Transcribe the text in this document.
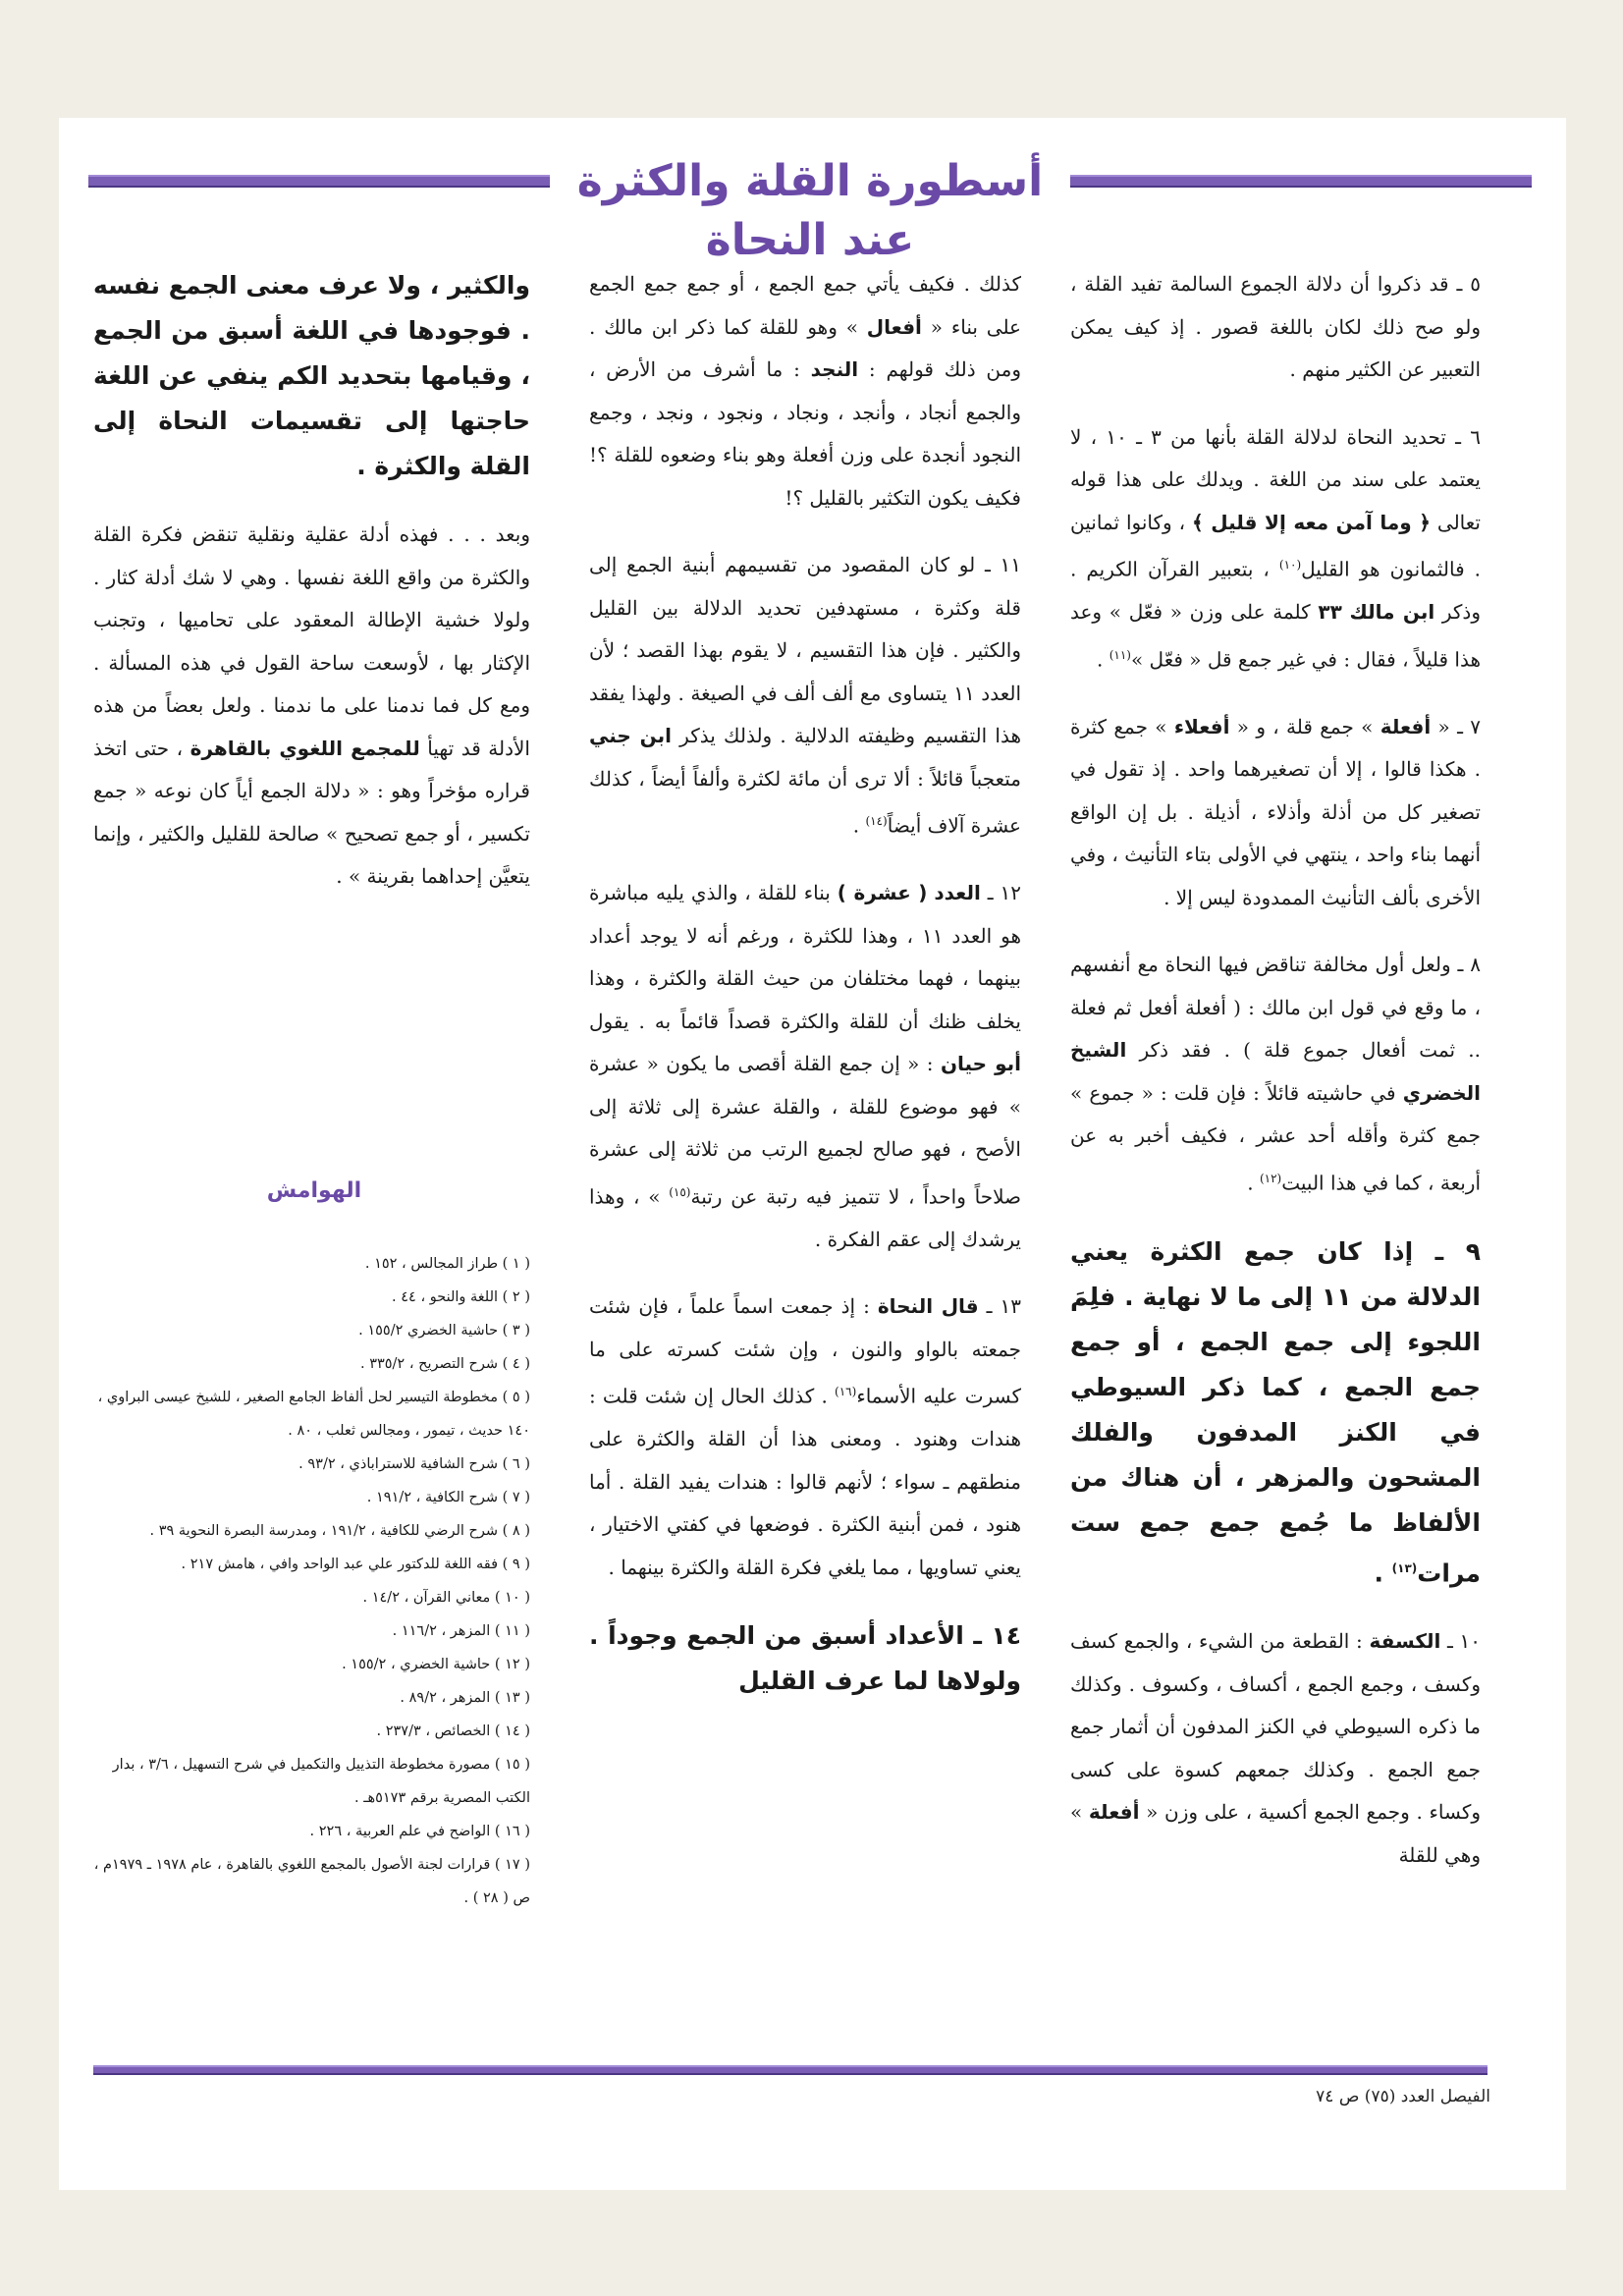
أسطورة القلة والكثرة عند النحاة

٥ ـ قد ذكروا أن دلالة الجموع السالمة تفيد القلة ، ولو صح ذلك لكان باللغة قصور . إذ كيف يمكن التعبير عن الكثير منهم .

٦ ـ تحديد النحاة لدلالة القلة بأنها من ٣ ـ ١٠ ، لا يعتمد على سند من اللغة . ويدلك على هذا قوله تعالى ﴿ وما آمن معه إلا قليل ﴾ ، وكانوا ثمانين . فالثمانون هو القليل$^{(١٠)}$ ، بتعبير القرآن الكريم . وذكر ابن مالك ٣٣ كلمة على وزن « فعّل » وعد هذا قليلاً ، فقال : في غير جمع قل « فعّل »$^{(١١)}$ .

٧ ـ « أفعلة » جمع قلة ، و « أفعلاء » جمع كثرة . هكذا قالوا ، إلا أن تصغيرهما واحد . إذ تقول في تصغير كل من أذلة وأذلاء ، أذيلة . بل إن الواقع أنهما بناء واحد ، ينتهي في الأولى بتاء التأنيث ، وفي الأخرى بألف التأنيث الممدودة ليس إلا .

٨ ـ ولعل أول مخالفة تناقض فيها النحاة مع أنفسهم ، ما وقع في قول ابن مالك : ( أفعلة أفعل ثم فعلة .. ثمت أفعال جموع قلة ) . فقد ذكر الشيخ الخضري في حاشيته قائلاً : فإن قلت : « جموع » جمع كثرة وأقله أحد عشر ، فكيف أخبر به عن أربعة ، كما في هذا البيت$^{(١٢)}$ .

٩ ـ إذا كان جمع الكثرة يعني الدلالة من ١١ إلى ما لا نهاية . فلِمَ اللجوء إلى جمع الجمع ، أو جمع جمع الجمع ، كما ذكر السيوطي في الكنز المدفون والفلك المشحون والمزهر ، أن هناك من الألفاظ ما جُمع جمع جمع ست مرات$^{(١٣)}$ .

١٠ ـ الكسفة : القطعة من الشيء ، والجمع كسف وكسف ، وجمع الجمع ، أكساف ، وكسوف . وكذلك ما ذكره السيوطي في الكنز المدفون أن أثمار جمع جمع الجمع . وكذلك جمعهم كسوة على كسى وكساء . وجمع الجمع أكسية ، على وزن « أفعلة » وهي للقلة

كذلك . فكيف يأتي جمع الجمع ، أو جمع جمع الجمع على بناء « أفعال » وهو للقلة كما ذكر ابن مالك . ومن ذلك قولهم : النجد : ما أشرف من الأرض ، والجمع أنجاد ، وأنجد ، ونجاد ، ونجود ، ونجد ، وجمع النجود أنجدة على وزن أفعلة وهو بناء وضعوه للقلة ؟! فكيف يكون التكثير بالقليل ؟!

١١ ـ لو كان المقصود من تقسيمهم أبنية الجمع إلى قلة وكثرة ، مستهدفين تحديد الدلالة بين القليل والكثير . فإن هذا التقسيم ، لا يقوم بهذا القصد ؛ لأن العدد ١١ يتساوى مع ألف ألف في الصيغة . ولهذا يفقد هذا التقسيم وظيفته الدلالية . ولذلك يذكر ابن جني متعجباً قائلاً : ألا ترى أن مائة لكثرة وألفاً أيضاً ، كذلك عشرة آلاف أيضاً$^{(١٤)}$ .

١٢ ـ العدد ( عشرة ) بناء للقلة ، والذي يليه مباشرة هو العدد ١١ ، وهذا للكثرة ، ورغم أنه لا يوجد أعداد بينهما ، فهما مختلفان من حيث القلة والكثرة ، وهذا يخلف ظنك أن للقلة والكثرة قصداً قائماً به . يقول أبو حيان : « إن جمع القلة أقصى ما يكون « عشرة » فهو موضوع للقلة ، والقلة عشرة إلى ثلاثة إلى الأصح ، فهو صالح لجميع الرتب من ثلاثة إلى عشرة صلاحاً واحداً ، لا تتميز فيه رتبة عن رتبة$^{(١٥)}$ » ، وهذا يرشدك إلى عقم الفكرة .

١٣ ـ قال النحاة : إذ جمعت اسماً علماً ، فإن شئت جمعته بالواو والنون ، وإن شئت كسرته على ما كسرت عليه الأسماء$^{(١٦)}$ . كذلك الحال إن شئت قلت : هندات وهنود . ومعنى هذا أن القلة والكثرة على منطقهم ـ سواء ؛ لأنهم قالوا : هندات يفيد القلة . أما هنود ، فمن أبنية الكثرة . فوضعها في كفتي الاختيار ، يعني تساويها ، مما يلغي فكرة القلة والكثرة بينهما .

١٤ ـ الأعداد أسبق من الجمع وجوداً . ولولاها لما عرف القليل

والكثير ، ولا عرف معنى الجمع نفسه . فوجودها في اللغة أسبق من الجمع ، وقيامها بتحديد الكم ينفي عن اللغة حاجتها إلى تقسيمات النحاة إلى القلة والكثرة .

وبعد . . . فهذه أدلة عقلية ونقلية تنقض فكرة القلة والكثرة من واقع اللغة نفسها . وهي لا شك أدلة كثار . ولولا خشية الإطالة المعقود على تحاميها ، وتجنب الإكثار بها ، لأوسعت ساحة القول في هذه المسألة . ومع كل فما ندمنا على ما ندمنا . ولعل بعضاً من هذه الأدلة قد تهيأ للمجمع اللغوي بالقاهرة ، حتى اتخذ قراره مؤخراً وهو : « دلالة الجمع أياً كان نوعه « جمع تكسير ، أو جمع تصحيح » صالحة للقليل والكثير ، وإنما يتعيَّن إحداهما بقرينة » .

الهوامش
( ١ ) طراز المجالس ، ١٥٢ .
( ٢ ) اللغة والنحو ، ٤٤ .
( ٣ ) حاشية الخضري ١٥٥/٢ .
( ٤ ) شرح التصريح ، ٣٣٥/٢ .
( ٥ ) مخطوطة التيسير لحل ألفاظ الجامع الصغير ، للشيخ عيسى البراوي ، ١٤٠ حديث ، تيمور ، ومجالس ثعلب ، ٨٠ .
( ٦ ) شرح الشافية للاستراباذي ، ٩٣/٢ .
( ٧ ) شرح الكافية ، ١٩١/٢ .
( ٨ ) شرح الرضي للكافية ، ١٩١/٢ ، ومدرسة البصرة النحوية ٣٩ .
( ٩ ) فقه اللغة للدكتور علي عبد الواحد وافي ، هامش ٢١٧ .
( ١٠ ) معاني القرآن ، ١٤/٢ .
( ١١ ) المزهر ، ١١٦/٢ .
( ١٢ ) حاشية الخضري ، ١٥٥/٢ .
( ١٣ ) المزهر ، ٨٩/٢ .
( ١٤ ) الخصائص ، ٢٣٧/٣ .
( ١٥ ) مصورة مخطوطة التذييل والتكميل في شرح التسهيل ، ٣/٦ ، بدار الكتب المصرية برقم ٥١٧٣هـ .
( ١٦ ) الواضح في علم العربية ، ٢٢٦ .
( ١٧ ) قرارات لجنة الأصول بالمجمع اللغوي بالقاهرة ، عام ١٩٧٨ ـ ١٩٧٩م ، ص ( ٢٨ ) .
الفيصل العدد (٧٥) ص ٧٤
